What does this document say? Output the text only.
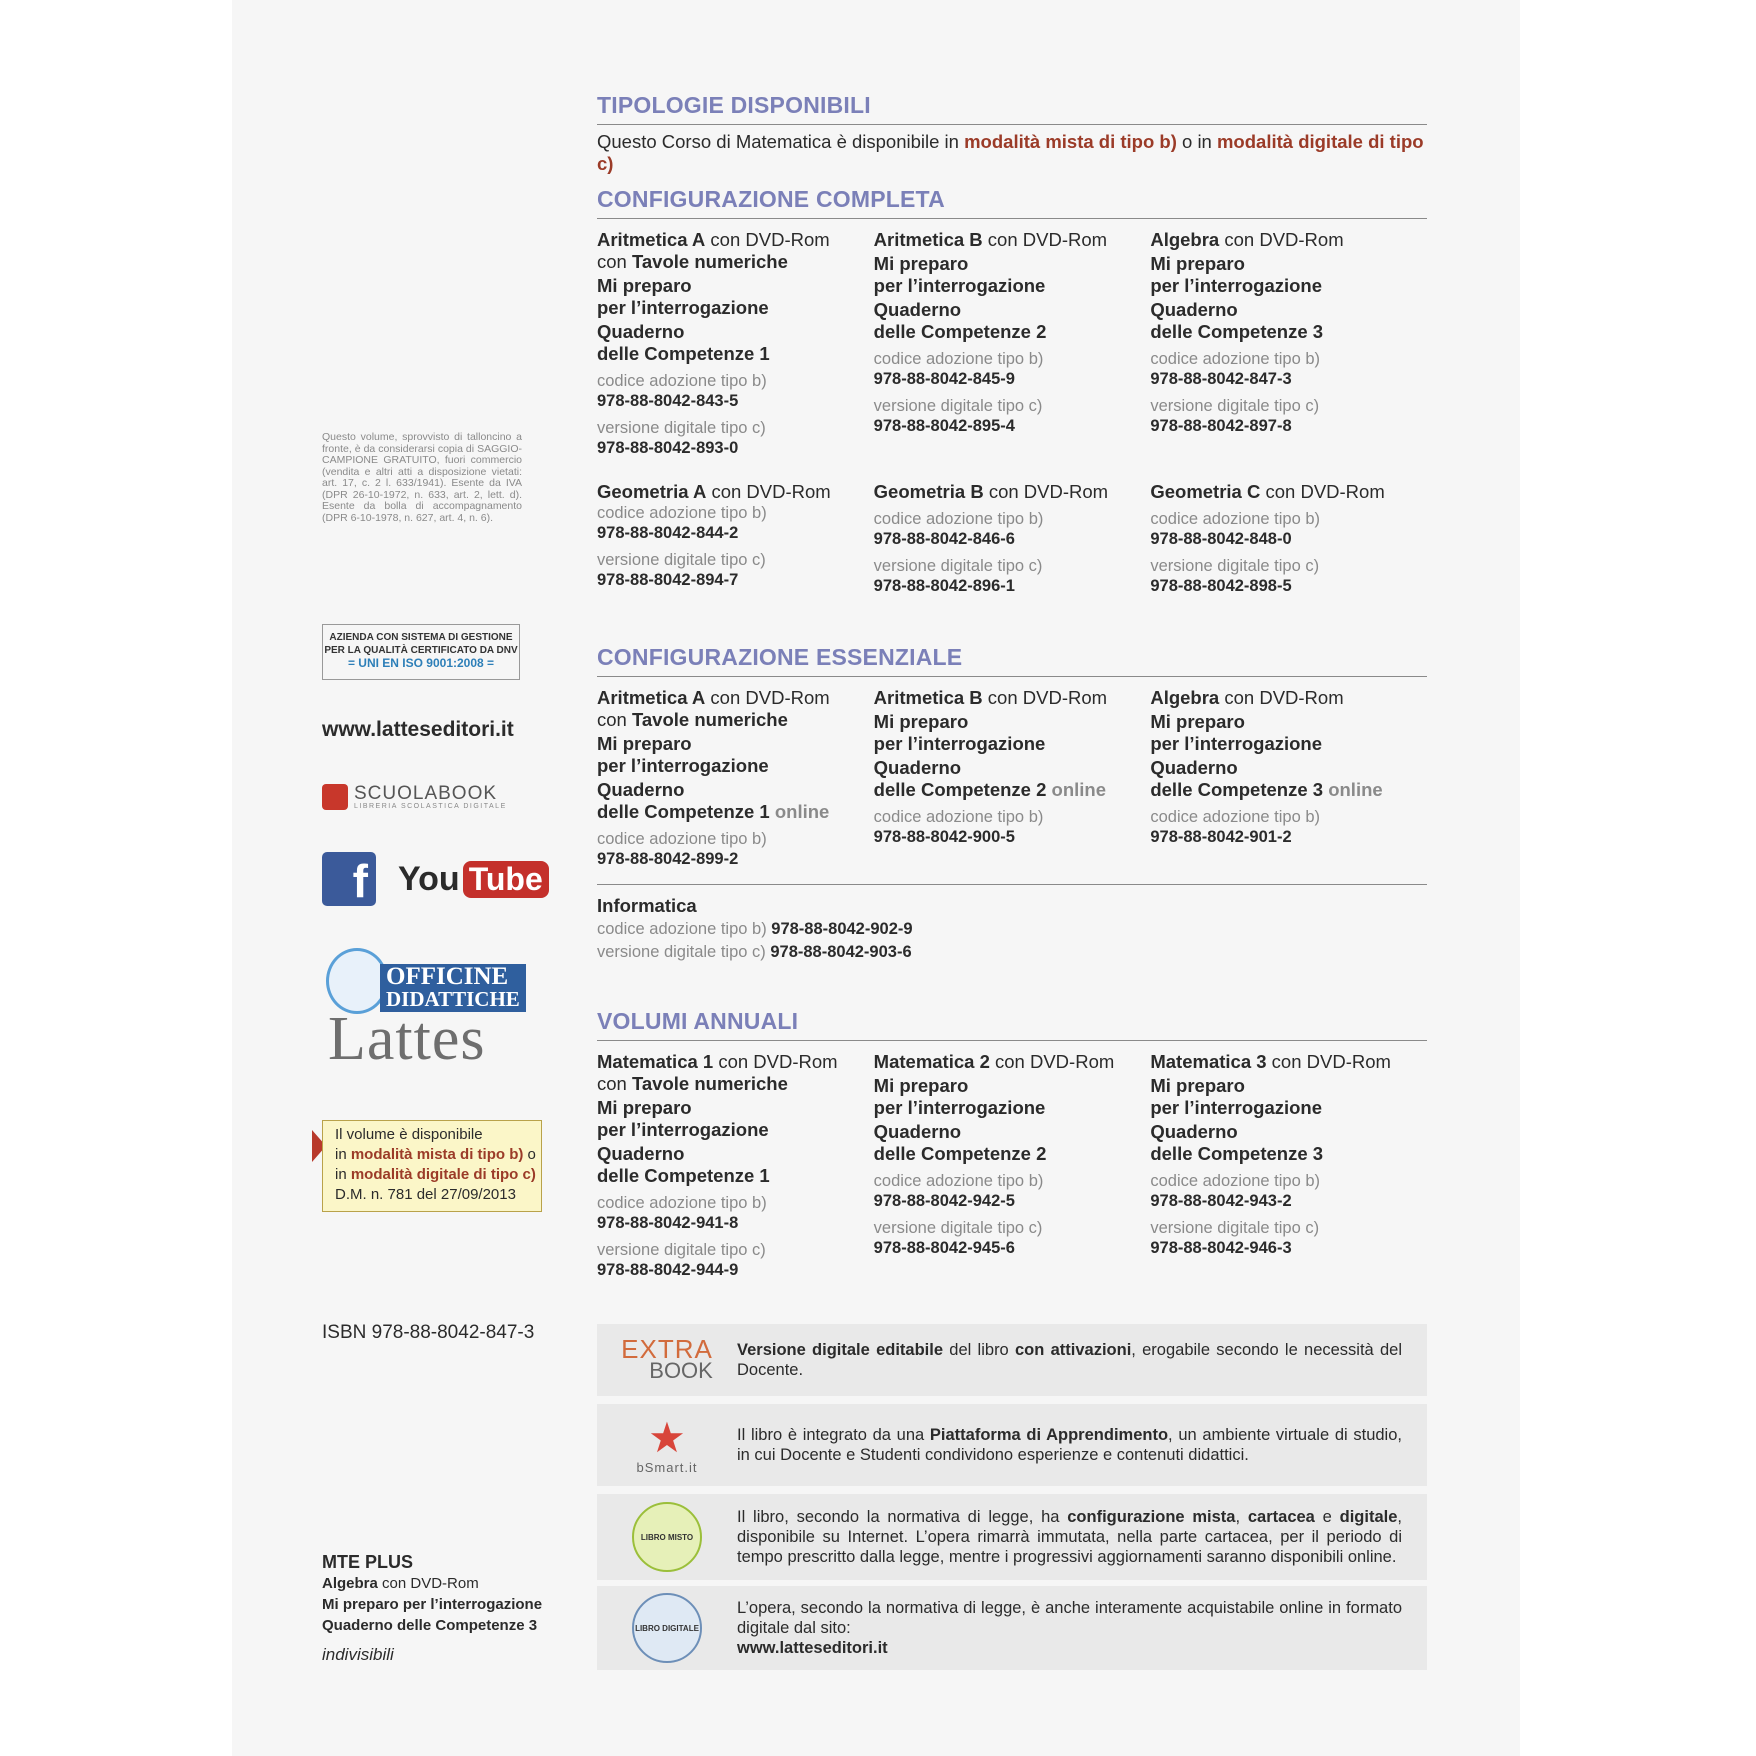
Questo volume, sprovvisto di talloncino a fronte, è da considerarsi copia di SAGGIO-CAMPIONE GRATUITO, fuori commercio (vendita e altri atti a disposizione vietati: art. 17, c. 2 l. 633/1941). Esente da IVA (DPR 26-10-1972, n. 633, art. 2, lett. d). Esente da bolla di accompagnamento (DPR 6-10-1978, n. 627, art. 4, n. 6).
AZIENDA CON SISTEMA DI GESTIONE
PER LA QUALITÀ CERTIFICATO DA DNV
= UNI EN ISO 9001:2008 =
www.latteseditori.it
SCUOLABOOK
LIBRERIA SCOLASTICA DIGITALE
f You Tube
OFFICINE
DIDATTICHE
Lattes
Il volume è disponibile
in modalità mista di tipo b) o
in modalità digitale di tipo c)
D.M. n. 781 del 27/09/2013
ISBN 978-88-8042-847-3
MTE PLUS
Algebra con DVD-Rom
Mi preparo per l’interrogazione
Quaderno delle Competenze 3
indivisibili
TIPOLOGIE DISPONIBILI
Questo Corso di Matematica è disponibile in modalità mista di tipo b) o in modalità digitale di tipo c)
CONFIGURAZIONE COMPLETA
Aritmetica A con DVD-Rom
con Tavole numeriche
Mi preparo
per l’interrogazione
Quaderno
delle Competenze 1
codice adozione tipo b)
978-88-8042-843-5
versione digitale tipo c)
978-88-8042-893-0
Aritmetica B con DVD-Rom
Mi preparo
per l’interrogazione
Quaderno
delle Competenze 2
codice adozione tipo b)
978-88-8042-845-9
versione digitale tipo c)
978-88-8042-895-4
Algebra con DVD-Rom
Mi preparo
per l’interrogazione
Quaderno
delle Competenze 3
codice adozione tipo b)
978-88-8042-847-3
versione digitale tipo c)
978-88-8042-897-8
Geometria A con DVD-Rom
codice adozione tipo b)
978-88-8042-844-2
versione digitale tipo c)
978-88-8042-894-7
Geometria B con DVD-Rom
codice adozione tipo b)
978-88-8042-846-6
versione digitale tipo c)
978-88-8042-896-1
Geometria C con DVD-Rom
codice adozione tipo b)
978-88-8042-848-0
versione digitale tipo c)
978-88-8042-898-5
CONFIGURAZIONE ESSENZIALE
Aritmetica A con DVD-Rom
con Tavole numeriche
Mi preparo
per l’interrogazione
Quaderno
delle Competenze 1 online
codice adozione tipo b)
978-88-8042-899-2
Aritmetica B con DVD-Rom
Mi preparo
per l’interrogazione
Quaderno
delle Competenze 2 online
codice adozione tipo b)
978-88-8042-900-5
Algebra con DVD-Rom
Mi preparo
per l’interrogazione
Quaderno
delle Competenze 3 online
codice adozione tipo b)
978-88-8042-901-2
Informatica
codice adozione tipo b) 978-88-8042-902-9
versione digitale tipo c) 978-88-8042-903-6
VOLUMI ANNUALI
Matematica 1 con DVD-Rom
con Tavole numeriche
Mi preparo
per l’interrogazione
Quaderno
delle Competenze 1
codice adozione tipo b)
978-88-8042-941-8
versione digitale tipo c)
978-88-8042-944-9
Matematica 2 con DVD-Rom
Mi preparo
per l’interrogazione
Quaderno
delle Competenze 2
codice adozione tipo b)
978-88-8042-942-5
versione digitale tipo c)
978-88-8042-945-6
Matematica 3 con DVD-Rom
Mi preparo
per l’interrogazione
Quaderno
delle Competenze 3
codice adozione tipo b)
978-88-8042-943-2
versione digitale tipo c)
978-88-8042-946-3
EXTRA
BOOK
Versione digitale editabile del libro con attivazioni, erogabile secondo le necessità del Docente.
★
bSmart.it
Il libro è integrato da una Piattaforma di Apprendimento, un ambiente virtuale di studio, in cui Docente e Studenti condividono esperienze e contenuti didattici.
LIBRO MISTO
Il libro, secondo la normativa di legge, ha configurazione mista, cartacea e digitale, disponibile su Internet. L’opera rimarrà immutata, nella parte cartacea, per il periodo di tempo prescritto dalla legge, mentre i progressivi aggiornamenti saranno disponibili online.
LIBRO DIGITALE
L’opera, secondo la normativa di legge, è anche interamente acquistabile online in formato digitale dal sito:
www.latteseditori.it
